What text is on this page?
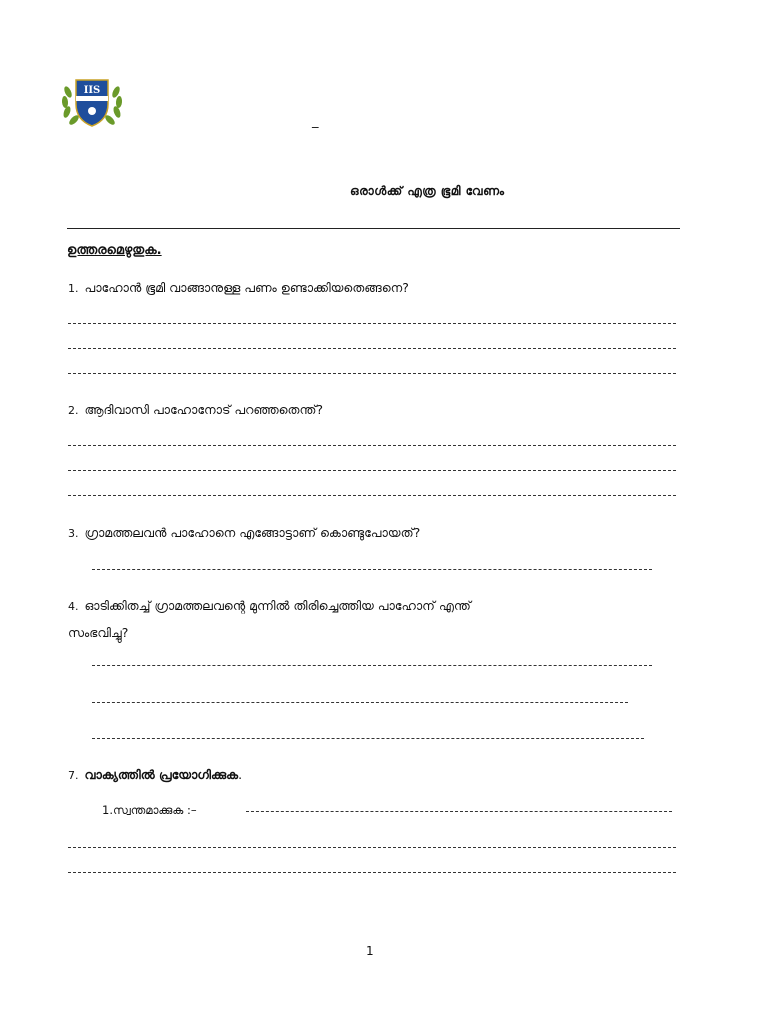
IIS
_
ഒരാൾക്ക് എത്ര ഭൂമി വേണം
ഉത്തരമെഴുതുക.
1. പാഹോൻ ഭൂമി വാങ്ങാനുള്ള പണം ഉണ്ടാക്കിയതെങ്ങനെ?
2. ആദിവാസി പാഹോനോട് പറഞ്ഞതെന്ത്?
3. ഗ്രാമത്തലവൻ പാഹോനെ എങ്ങോട്ടാണ് കൊണ്ടുപോയത്?
4. ഓടിക്കിതച്ച് ഗ്രാമത്തലവന്റെ മുന്നിൽ തിരിച്ചെത്തിയ പാഹോന് എന്ത്
സംഭവിച്ചു?
7. വാക്യത്തിൽ പ്രയോഗിക്കുക.
1.സ്വന്തമാക്കുക :–
1
